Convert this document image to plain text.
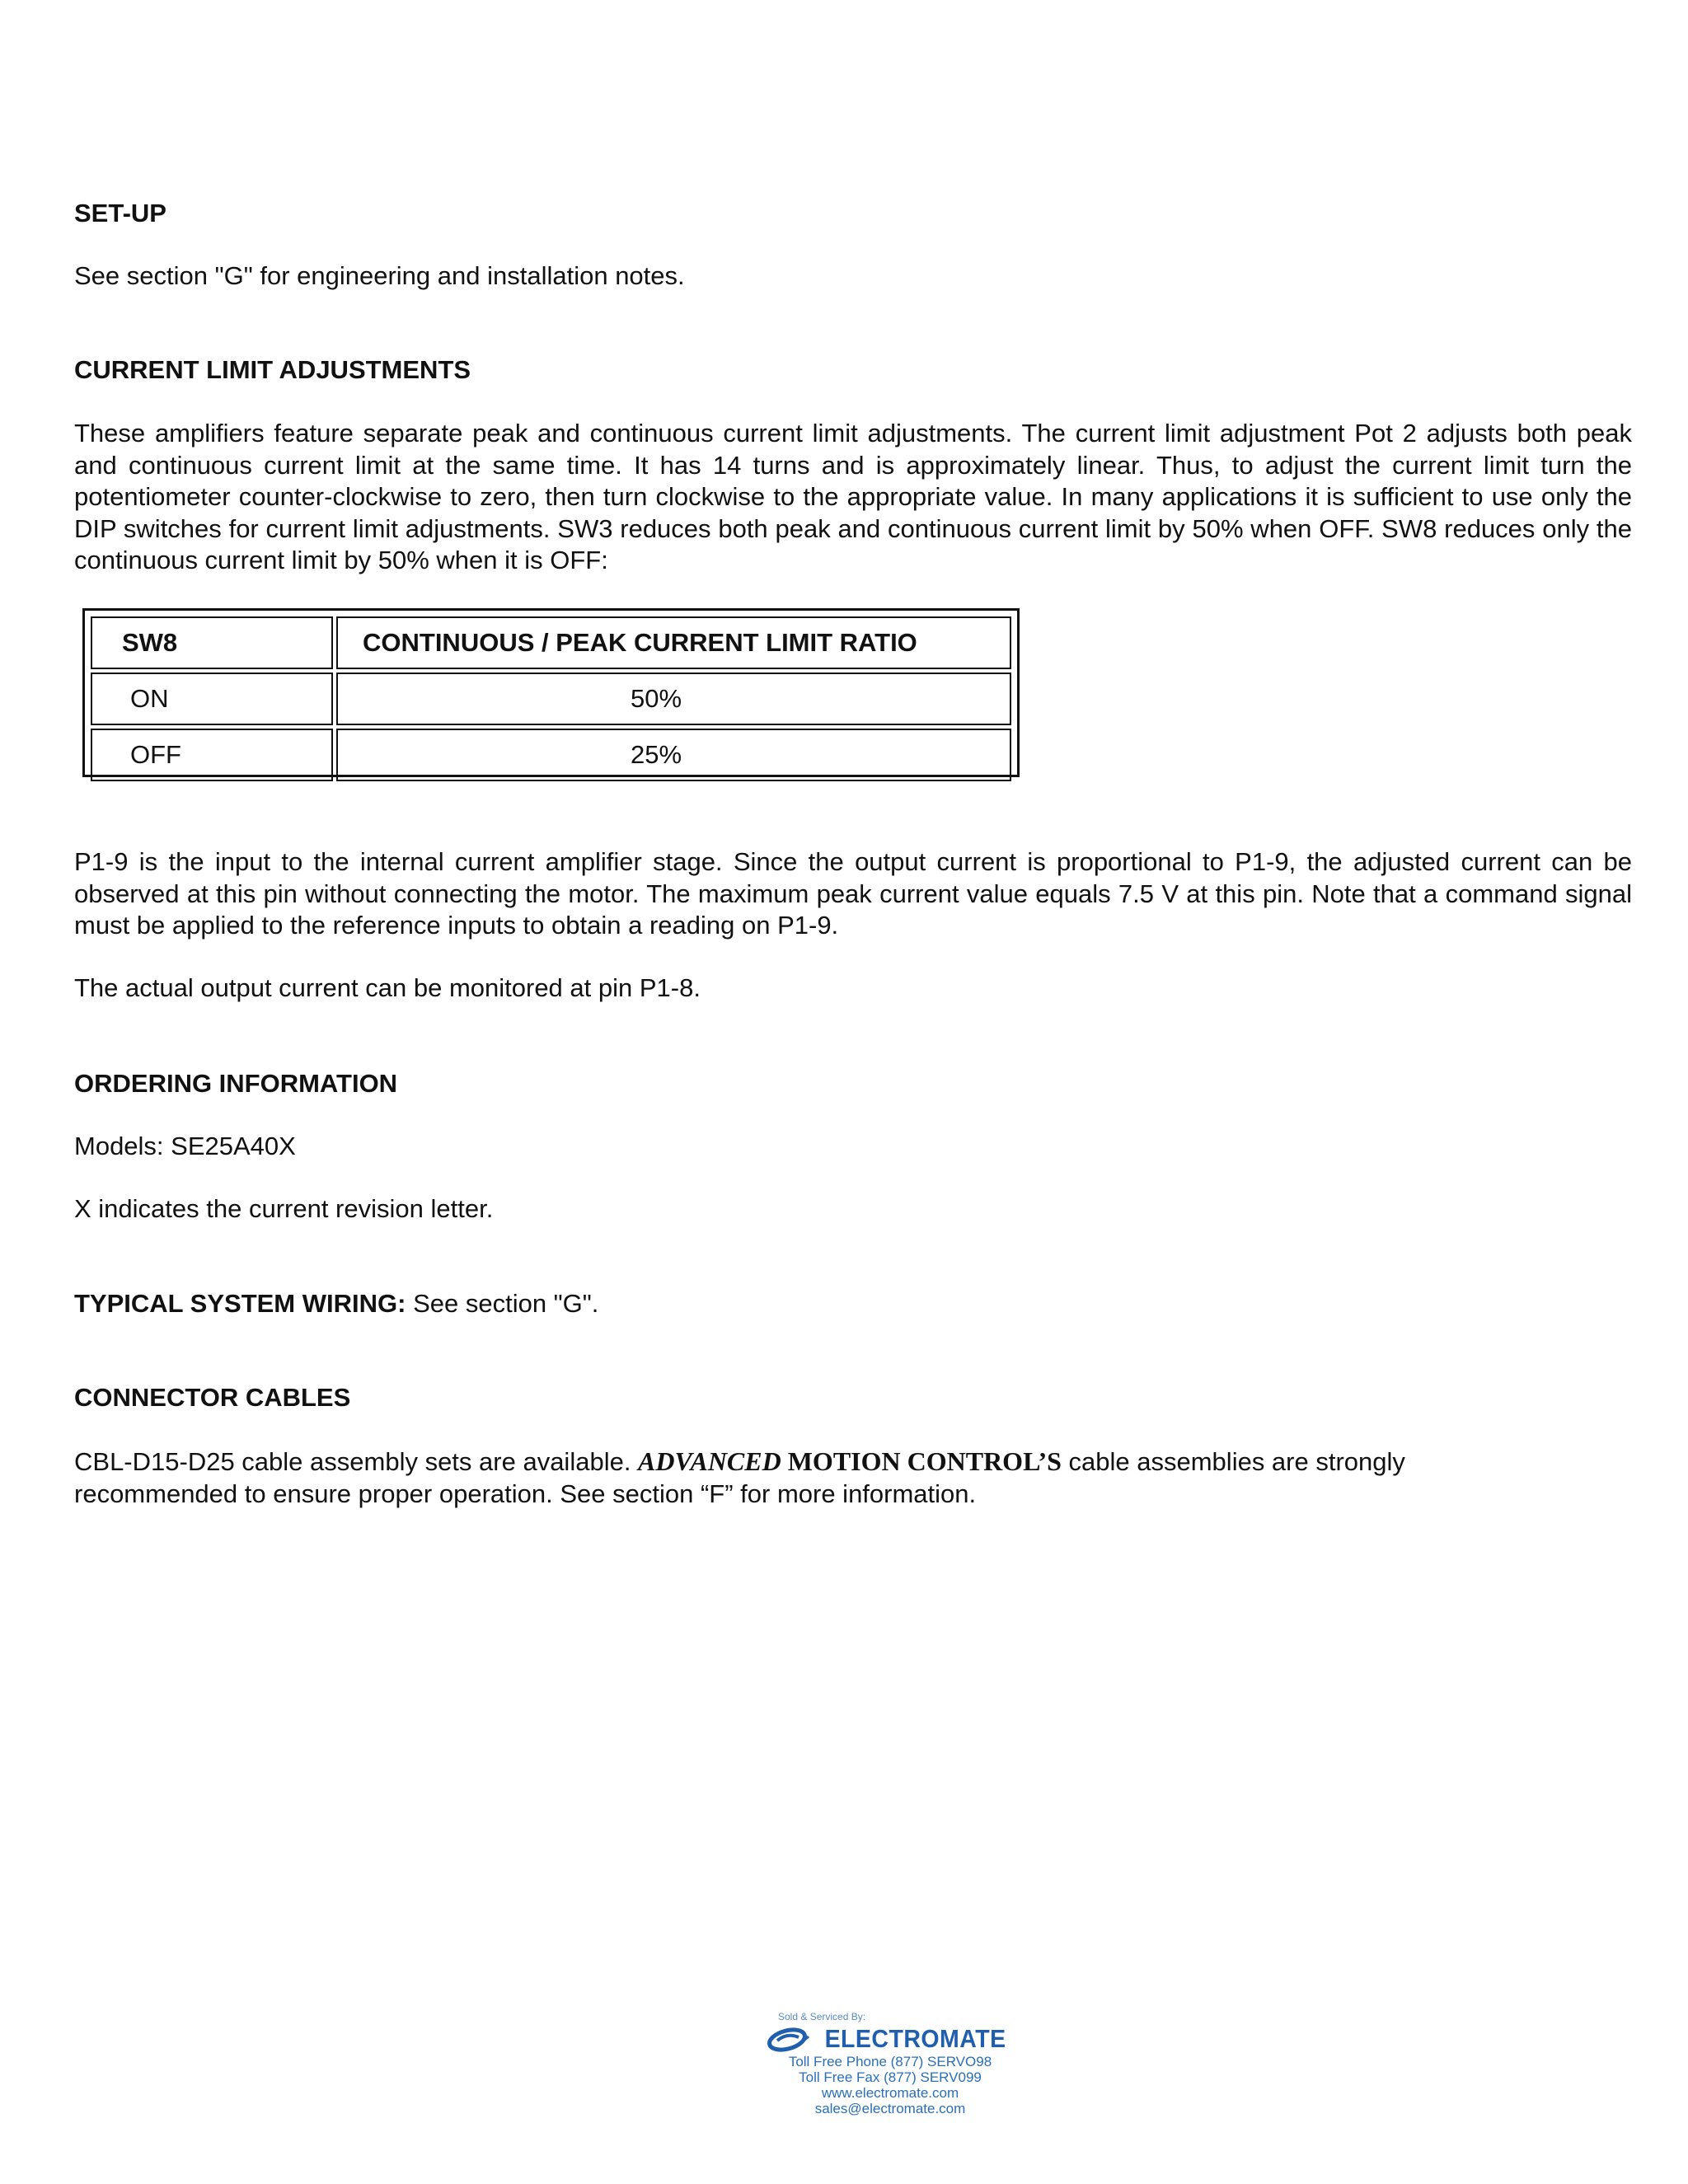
SET-UP

See section "G" for engineering and installation notes.

CURRENT LIMIT ADJUSTMENTS

These amplifiers feature separate peak and continuous current limit adjustments. The current limit adjustment Pot 2 adjusts both peak and continuous current limit at the same time. It has 14 turns and is approximately linear. Thus, to adjust the current limit turn the potentiometer counter-clockwise to zero, then turn clockwise to the appropriate value. In many applications it is sufficient to use only the DIP switches for current limit adjustments. SW3 reduces both peak and continuous current limit by 50% when OFF. SW8 reduces only the continuous current limit by 50% when it is OFF:

SW8	CONTINUOUS / PEAK CURRENT LIMIT RATIO
ON	50%
OFF	25%

P1-9 is the input to the internal current amplifier stage. Since the output current is proportional to P1-9, the adjusted current can be observed at this pin without connecting the motor. The maximum peak current value equals 7.5 V at this pin. Note that a command signal must be applied to the reference inputs to obtain a reading on P1-9.

The actual output current can be monitored at pin P1-8.

ORDERING INFORMATION

Models: SE25A40X

X indicates the current revision letter.

TYPICAL SYSTEM WIRING: See section "G".

CONNECTOR CABLES

CBL-D15-D25 cable assembly sets are available. ADVANCED MOTION CONTROL’S cable assemblies are strongly recommended to ensure proper operation. See section “F” for more information.

Sold & Serviced By:
ELECTROMATE
Toll Free Phone (877) SERVO98
Toll Free Fax (877) SERV099
www.electromate.com
sales@electromate.com
